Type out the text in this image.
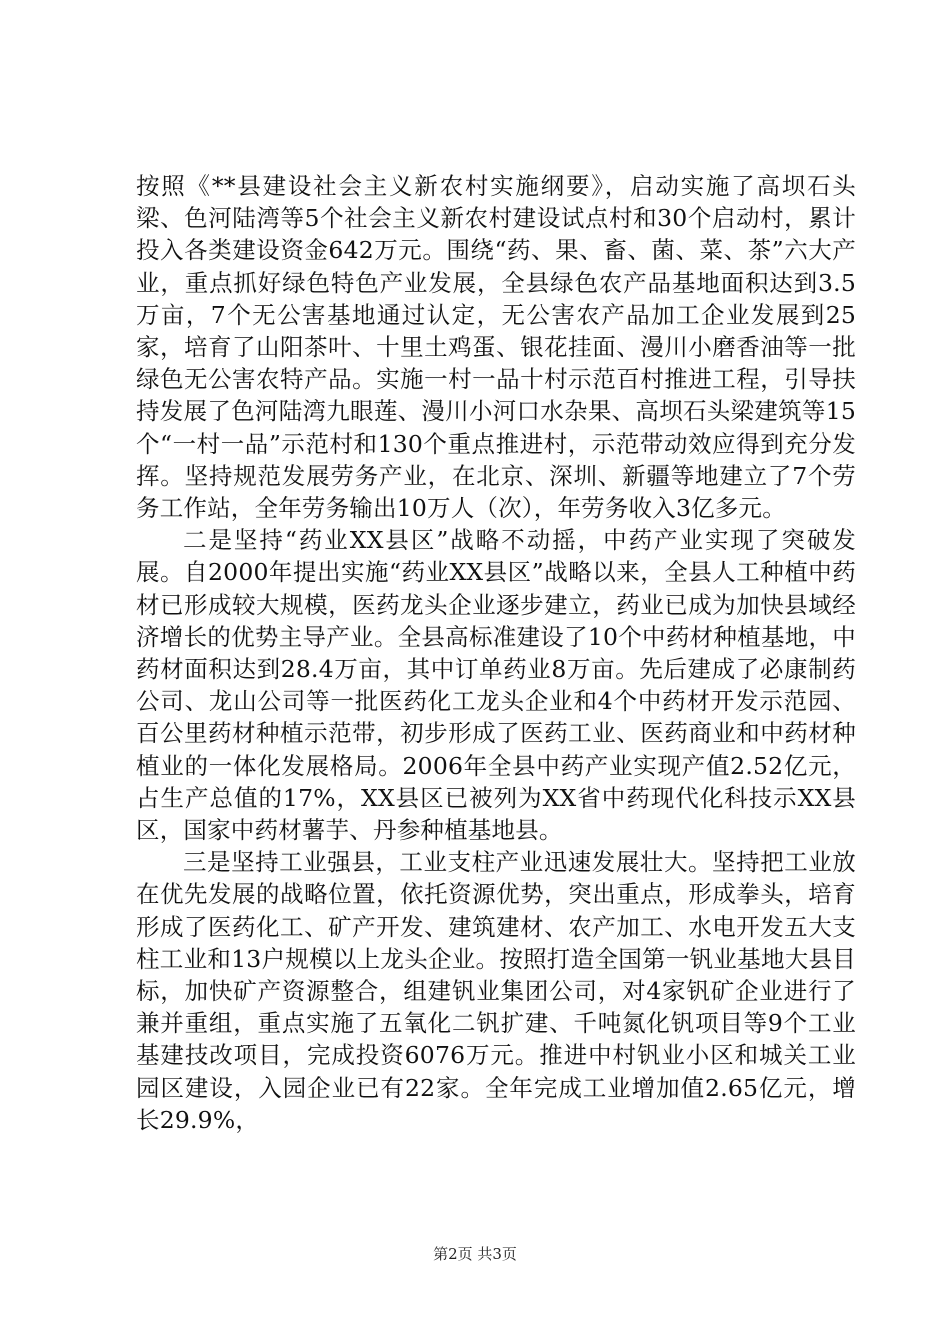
按照《**县建设社会主义新农村实施纲要》，启动实施了高坝石头梁、色河陆湾等5个社会主义新农村建设试点村和30个启动村，累计投入各类建设资金642万元。围绕“药、果、畜、菌、菜、茶”六大产业，重点抓好绿色特色产业发展，全县绿色农产品基地面积达到3.5万亩，7个无公害基地通过认定，无公害农产品加工企业发展到25家，培育了山阳茶叶、十里土鸡蛋、银花挂面、漫川小磨香油等一批绿色无公害农特产品。实施一村一品十村示范百村推进工程，引导扶持发展了色河陆湾九眼莲、漫川小河口水杂果、高坝石头梁建筑等15个“一村一品”示范村和130个重点推进村，示范带动效应得到充分发挥。坚持规范发展劳务产业，在北京、深圳、新疆等地建立了7个劳务工作站，全年劳务输出10万人（次），年劳务收入3亿多元。

二是坚持“药业XX县区”战略不动摇，中药产业实现了突破发展。自2000年提出实施“药业XX县区”战略以来，全县人工种植中药材已形成较大规模，医药龙头企业逐步建立，药业已成为加快县域经济增长的优势主导产业。全县高标准建设了10个中药材种植基地，中药材面积达到28.4万亩，其中订单药业8万亩。先后建成了必康制药公司、龙山公司等一批医药化工龙头企业和4个中药材开发示范园、百公里药材种植示范带，初步形成了医药工业、医药商业和中药材种植业的一体化发展格局。2006年全县中药产业实现产值2.52亿元，占生产总值的17%，XX县区已被列为XX省中药现代化科技示XX县区，国家中药材薯芋、丹参种植基地县。

三是坚持工业强县，工业支柱产业迅速发展壮大。坚持把工业放在优先发展的战略位置，依托资源优势，突出重点，形成拳头，培育形成了医药化工、矿产开发、建筑建材、农产加工、水电开发五大支柱工业和13户规模以上龙头企业。按照打造全国第一钒业基地大县目标，加快矿产资源整合，组建钒业集团公司，对4家钒矿企业进行了兼并重组，重点实施了五氧化二钒扩建、千吨氮化钒项目等9个工业基建技改项目，完成投资6076万元。推进中村钒业小区和城关工业园区建设，入园企业已有22家。全年完成工业增加值2.65亿元，增长29.9%，

第2页 共3页
